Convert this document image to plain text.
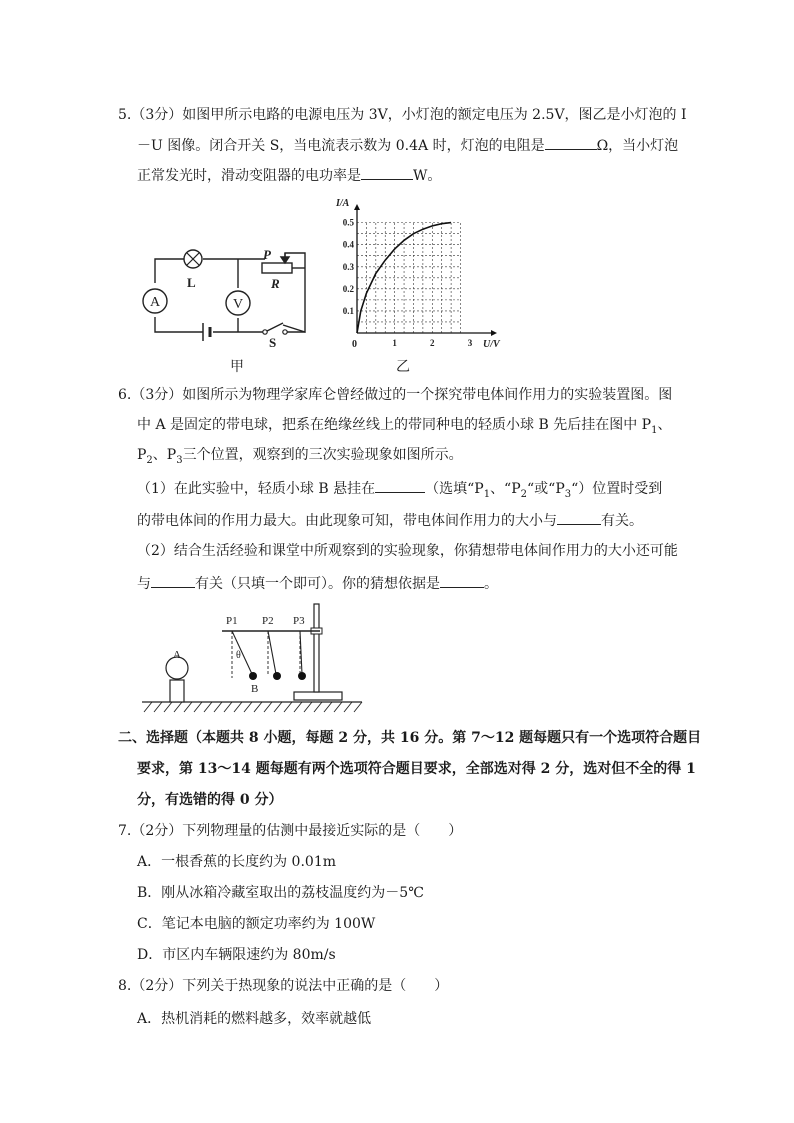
5.（3分）如图甲所示电路的电源电压为 3V，小灯泡的额定电压为 2.5V，图乙是小灯泡的 I
－U 图像。闭合开关 S，当电流表示数为 0.4A 时，灯泡的电阻是	Ω，当小灯泡
正常发光时，滑动变阻器的电功率是	W。
A	V
L
P
R
S
甲
1	2	3
0.1
0.2
0.3
0.4
0.5
I/A
U/V
0
乙
6.（3分）如图所示为物理学家库仑曾经做过的一个探究带电体间作用力的实验装置图。图
中 A 是固定的带电球，把系在绝缘丝线上的带同种电的轻质小球 B 先后挂在图中 $P_1$、
$P_2$、$P_3$三个位置，观察到的三次实验现象如图所示。
（1）在此实验中，轻质小球 B 悬挂在	（选填“$P_1$、“$P_2“$或“$P_3“$）位置时受到
的带电体间的作用力最大。由此现象可知，带电体间作用力的大小与	有关。
（2）结合生活经验和课堂中所观察到的实验现象，你猜想带电体间作用力的大小还可能
与	有关（只填一个即可）。你的猜想依据是	。
A
P1 P2 P3
θ
B
二、选择题（本题共 8 小题，每题 2 分，共 16 分。第 7～12 题每题只有一个选项符合题目
要求，第 13～14 题每题有两个选项符合题目要求，全部选对得 2 分，选对但不全的得 1
分，有选错的得 0 分）
7.（2分）下列物理量的估测中最接近实际的是（　　）
A．一根香蕉的长度约为 0.01m
B．刚从冰箱冷藏室取出的荔枝温度约为－5℃
C．笔记本电脑的额定功率约为 100W
D．市区内车辆限速约为 80m/s
8.（2分）下列关于热现象的说法中正确的是（　　）
A．热机消耗的燃料越多，效率就越低
